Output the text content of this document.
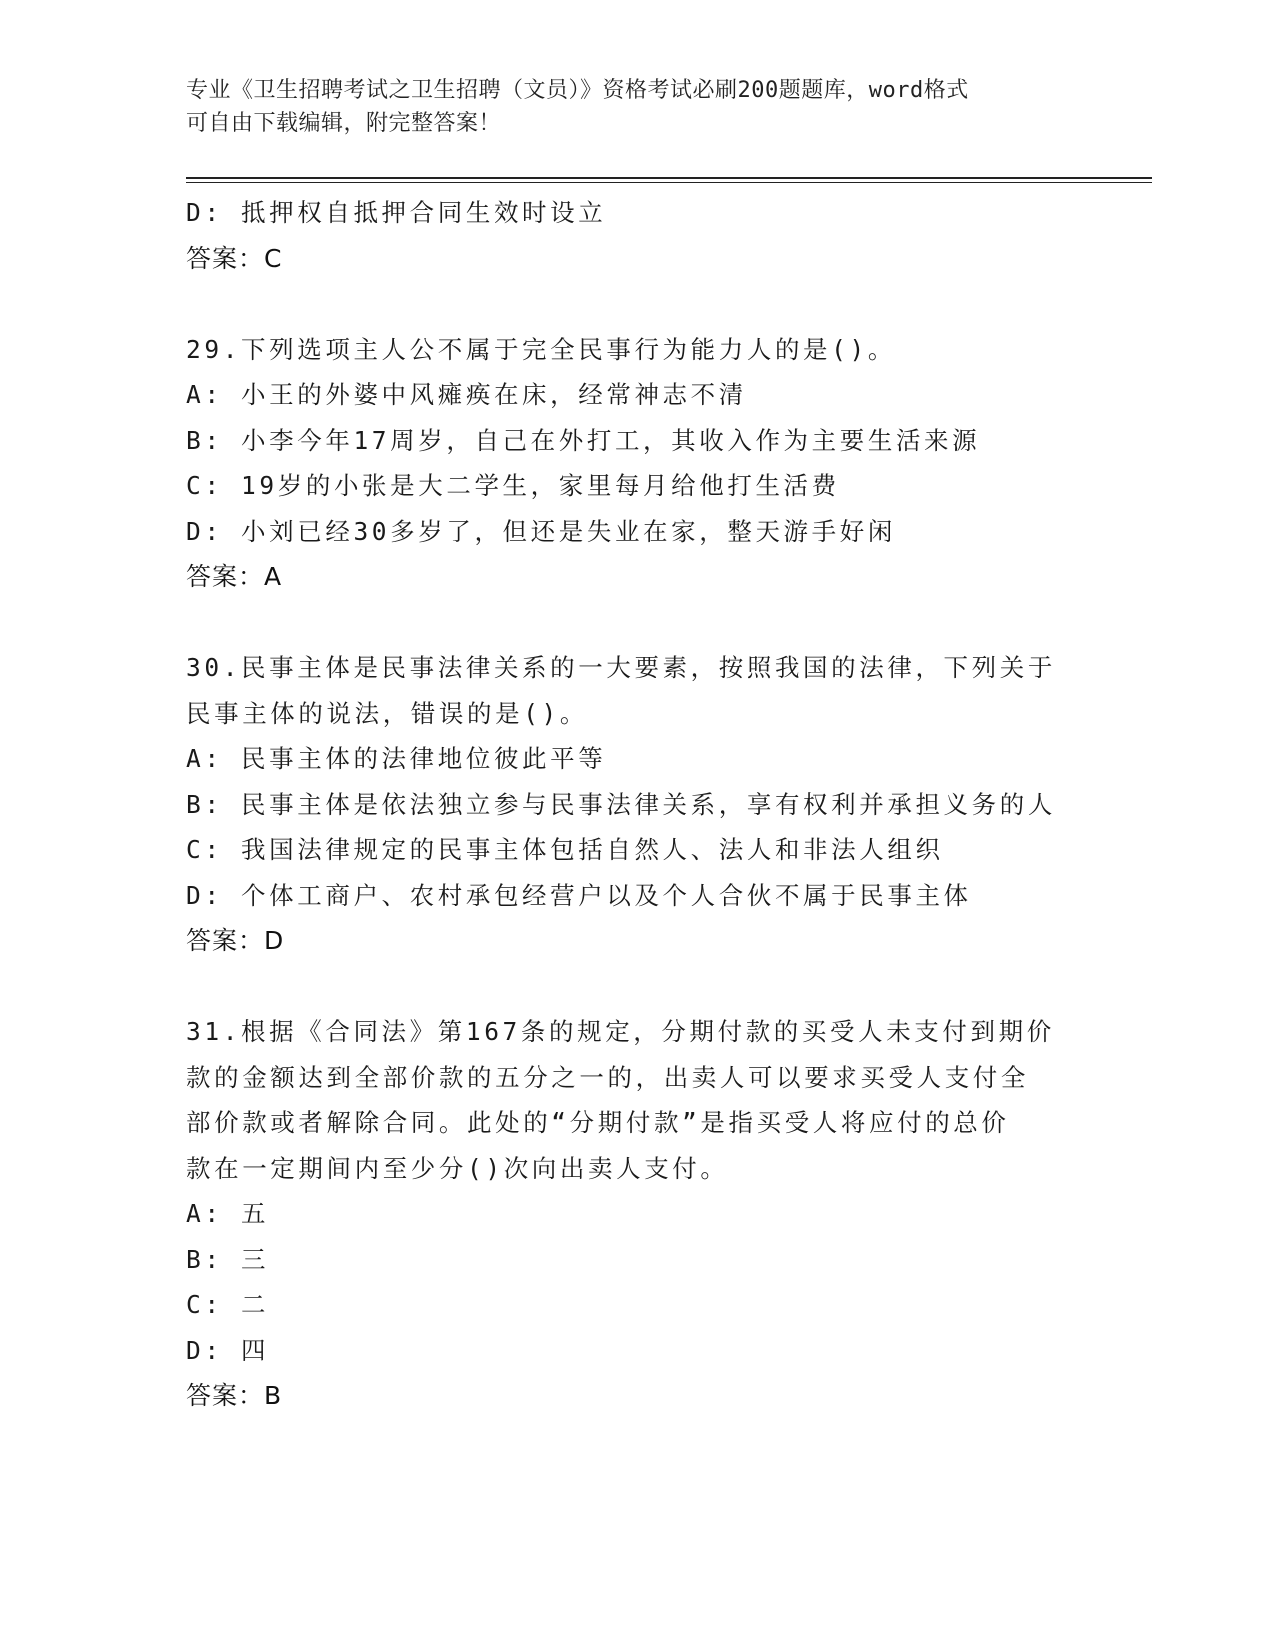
专业《卫生招聘考试之卫生招聘（文员）》资格考试必刷200题题库，word格式
可自由下载编辑，附完整答案！
D: 抵押权自抵押合同生效时设立
答案：C
29.下列选项主人公不属于完全民事行为能力人的是()。
A: 小王的外婆中风瘫痪在床，经常神志不清
B: 小李今年17周岁，自己在外打工，其收入作为主要生活来源
C: 19岁的小张是大二学生，家里每月给他打生活费
D: 小刘已经30多岁了，但还是失业在家，整天游手好闲
答案：A
30.民事主体是民事法律关系的一大要素，按照我国的法律，下列关于
民事主体的说法，错误的是()。
A: 民事主体的法律地位彼此平等
B: 民事主体是依法独立参与民事法律关系，享有权利并承担义务的人
C: 我国法律规定的民事主体包括自然人、法人和非法人组织
D: 个体工商户、农村承包经营户以及个人合伙不属于民事主体
答案：D
31.根据《合同法》第167条的规定，分期付款的买受人未支付到期价
款的金额达到全部价款的五分之一的，出卖人可以要求买受人支付全
部价款或者解除合同。此处的“分期付款”是指买受人将应付的总价
款在一定期间内至少分()次向出卖人支付。
A: 五
B: 三
C: 二
D: 四
答案：B
